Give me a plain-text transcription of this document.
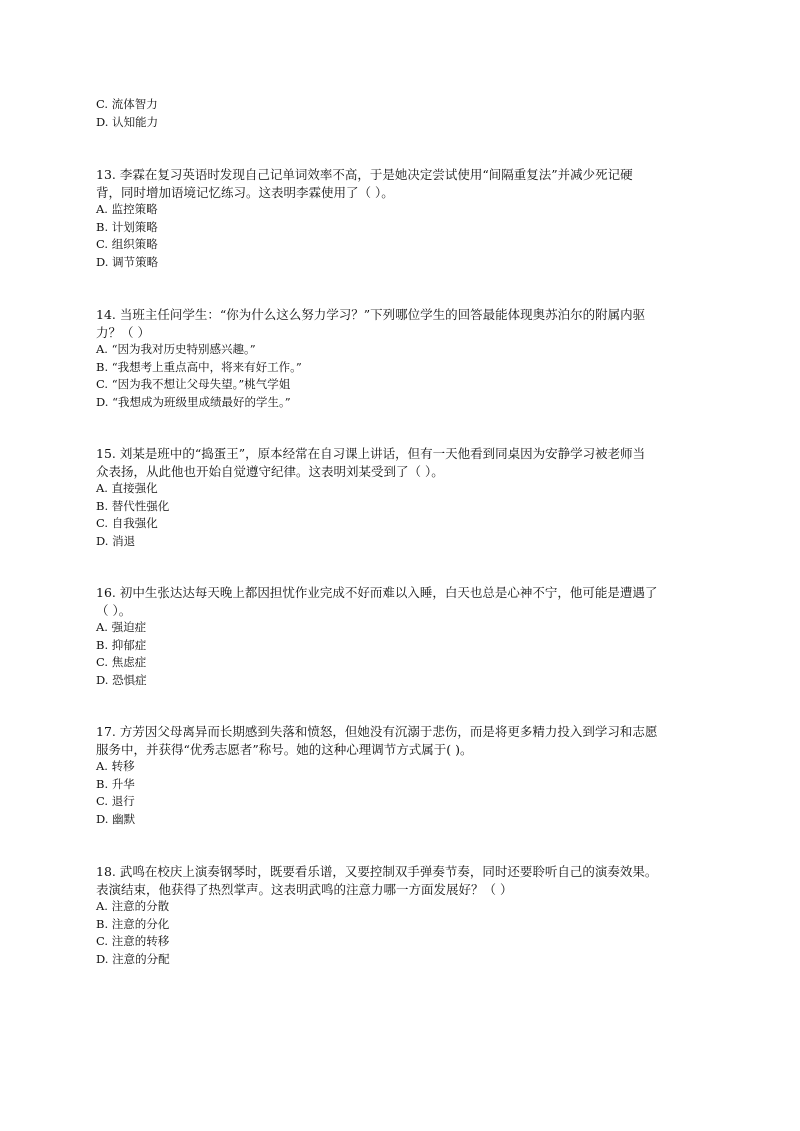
C. 流体智力
D. 认知能力
13. 李霖在复习英语时发现自己记单词效率不高，于是她决定尝试使用“间隔重复法”并减少死记硬
背，同时增加语境记忆练习。这表明李霖使用了（ ）。
A. 监控策略
B. 计划策略
C. 组织策略
D. 调节策略
14. 当班主任问学生：“你为什么这么努力学习？”下列哪位学生的回答最能体现奥苏泊尔的附属内驱
力？（ ）
A. “因为我对历史特别感兴趣。”
B. “我想考上重点高中，将来有好工作。”
C. “因为我不想让父母失望。”桃气学姐
D. “我想成为班级里成绩最好的学生。”
15. 刘某是班中的“捣蛋王”，原本经常在自习课上讲话，但有一天他看到同桌因为安静学习被老师当
众表扬，从此他也开始自觉遵守纪律。这表明刘某受到了（ ）。
A. 直接强化
B. 替代性强化
C. 自我强化
D. 消退
16. 初中生张达达每天晚上都因担忧作业完成不好而难以入睡，白天也总是心神不宁，他可能是遭遇了
（ ）。
A. 强迫症
B. 抑郁症
C. 焦虑症
D. 恐惧症
17. 方芳因父母离异而长期感到失落和愤怒，但她没有沉溺于悲伤，而是将更多精力投入到学习和志愿
服务中，并获得“优秀志愿者”称号。她的这种心理调节方式属于( )。
A. 转移
B. 升华
C. 退行
D. 幽默
18. 武鸣在校庆上演奏钢琴时，既要看乐谱，又要控制双手弹奏节奏，同时还要聆听自己的演奏效果。
表演结束，他获得了热烈掌声。这表明武鸣的注意力哪一方面发展好？（ ）
A. 注意的分散
B. 注意的分化
C. 注意的转移
D. 注意的分配
